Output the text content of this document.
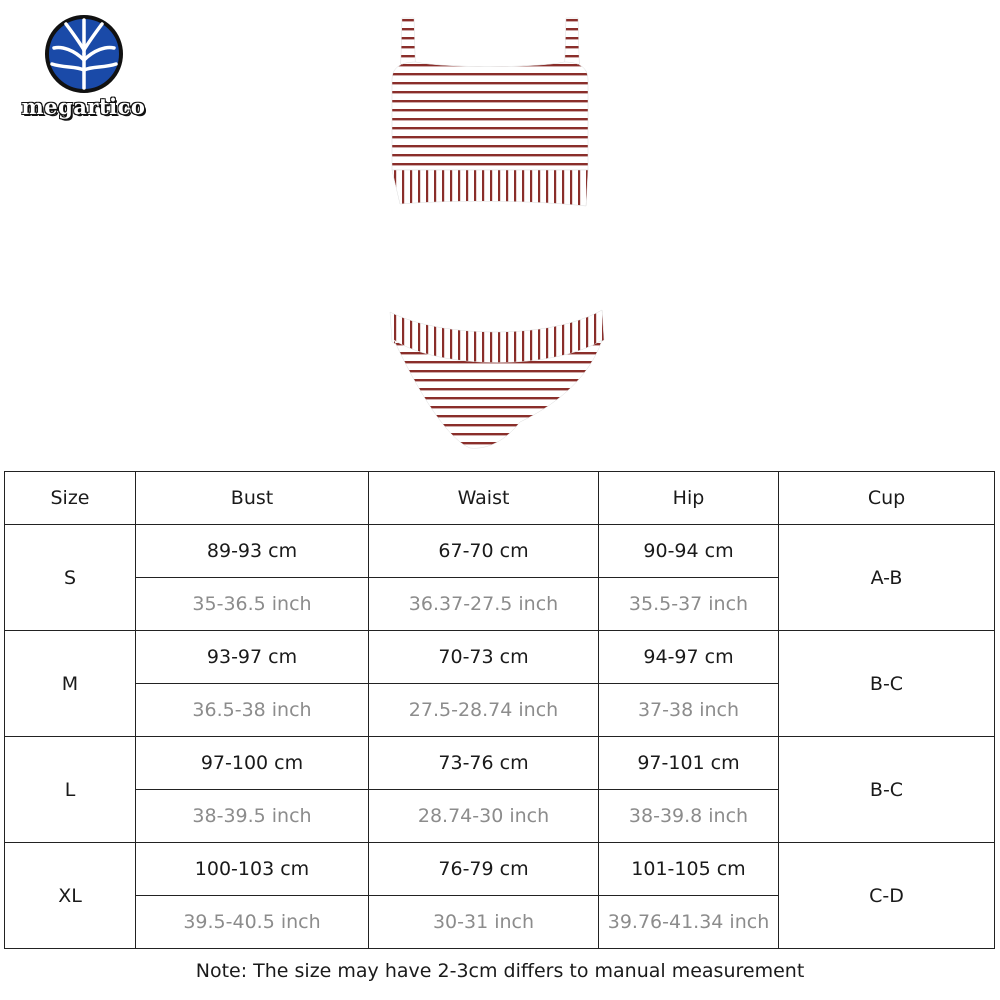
megartico
Size	Bust	Waist	Hip	Cup
S	89-93 cm	67-70 cm	90-94 cm	A-B
	35-36.5 inch	36.37-27.5 inch	35.5-37 inch	
M	93-97 cm	70-73 cm	94-97 cm	B-C
	36.5-38 inch	27.5-28.74 inch	37-38 inch	
L	97-100 cm	73-76 cm	97-101 cm	B-C
	38-39.5 inch	28.74-30 inch	38-39.8 inch	
XL	100-103 cm	76-79 cm	101-105 cm	C-D
	39.5-40.5 inch	30-31 inch	39.76-41.34 inch	
Note: The size may have 2-3cm differs to manual measurement
